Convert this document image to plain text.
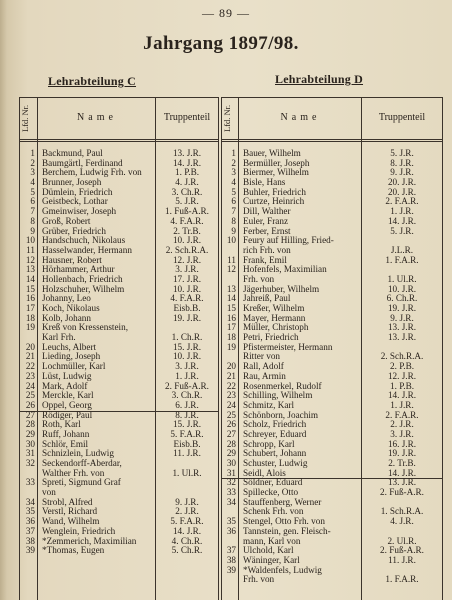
— 89 —
Jahrgang 1897/98.
Lehrabteilung C	Lehrabteilung D
Lfd. Nr.	Name	Truppenteil
1 Backmund, Paul	13. J.R.
2 Baumgärtl, Ferdinand	14. J.R.
3 Berchem, Ludwig Frh. von	1. P.B.
4 Brunner, Joseph	4. J.R.
5 Dümlein, Friedrich	3. Ch.R.
6 Geistbeck, Lothar	5. J.R.
7 Gmeinwiser, Joseph	1. Fuß-A.R.
8 Groß, Robert	4. F.A.R.
9 Grüber, Friedrich	2. Tr.B.
10 Handschuch, Nikolaus	10. J.R.
11 Hasselwander, Hermann	2. Sch.R.A.
12 Hausner, Robert	12. J.R.
13 Hörhammer, Arthur	3. J.R.
14 Hollenbach, Friedrich	17. J.R.
15 Holzschuher, Wilhelm	10. J.R.
16 Johanny, Leo	4. F.A.R.
17 Koch, Nikolaus	Eisb.B.
18 Kolb, Johann	19. J.R.
19 Kreß von Kressenstein,
Karl Frh.	1. Ch.R.
20 Leuchs, Albert	15. J.R.
21 Lieding, Joseph	10. J.R.
22 Lochmüller, Karl	3. J.R.
23 Lüst, Ludwig	1. J.R.
24 Mark, Adolf	2. Fuß-A.R.
25 Merckle, Karl	3. Ch.R.
26 Oppel, Georg	6. J.R.
27 Rödiger, Paul	8. J.R.
28 Roth, Karl	15. J.R.
29 Ruff, Johann	5. F.A.R.
30 Schlör, Emil	Eisb.B.
31 Schnizlein, Ludwig	11. J.R.
32 Seckendorff-Aberdar,
Walther Frh. von	1. Ul.R.
33 Spreti, Sigmund Graf
von
34 Strobl, Alfred	9. J.R.
35 Verstl, Richard	2. J.R.
36 Wand, Wilhelm	5. F.A.R.
37 Wenglein, Friedrich	14. J.R.
38 *Zemmerich, Maximilian	4. Ch.R.
39 *Thomas, Eugen	5. Ch.R.
Lfd. Nr.	Name	Truppenteil
1 Bauer, Wilhelm	5. J.R.
2 Bermüller, Joseph	8. J.R.
3 Biermer, Wilhelm	9. J.R.
4 Bisle, Hans	20. J.R.
5 Buhler, Friedrich	20. J.R.
6 Curtze, Heinrich	2. F.A.R.
7 Dill, Walther	1. J.R.
8 Euler, Franz	14. J.R.
9 Ferber, Ernst	5. J.R.
10 Feury auf Hilling, Fried-
rich Frh. von	J.L.R.
11 Frank, Emil	1. F.A.R.
12 Hofenfels, Maximilian
Frh. von	1. Ul.R.
13 Jägerhuber, Wilhelm	10. J.R.
14 Jahreiß, Paul	6. Ch.R.
15 Kreßer, Wilhelm	19. J.R.
16 Mayer, Hermann	9. J.R.
17 Müller, Christoph	13. J.R.
18 Petri, Friedrich	13. J.R.
19 Pfistermeister, Hermann
Ritter von	2. Sch.R.A.
20 Rall, Adolf	2. P.B.
21 Rau, Armin	12. J.R.
22 Rosenmerkel, Rudolf	1. P.B.
23 Schilling, Wilhelm	14. J.R.
24 Schmitz, Karl	1. J.R.
25 Schönborn, Joachim	2. F.A.R.
26 Scholz, Friedrich	2. J.R.
27 Schreyer, Eduard	3. J.R.
28 Schropp, Karl	16. J.R.
29 Schubert, Johann	19. J.R.
30 Schuster, Ludwig	2. Tr.B.
31 Seidl, Alois	14. J.R.
32 Söldner, Eduard	13. J.R.
33 Spillecke, Otto	2. Fuß-A.R.
34 Stauffenberg, Werner
Schenk Frh. von	1. Sch.R.A.
35 Stengel, Otto Frh. von	4. J.R.
36 Tannstein, gen. Fleisch-
mann, Karl von	2. Ul.R.
37 Ulchold, Karl	2. Fuß-A.R.
38 Wäninger, Karl	11. J.R.
39 *Waldenfels, Ludwig
Frh. von	1. F.A.R.
